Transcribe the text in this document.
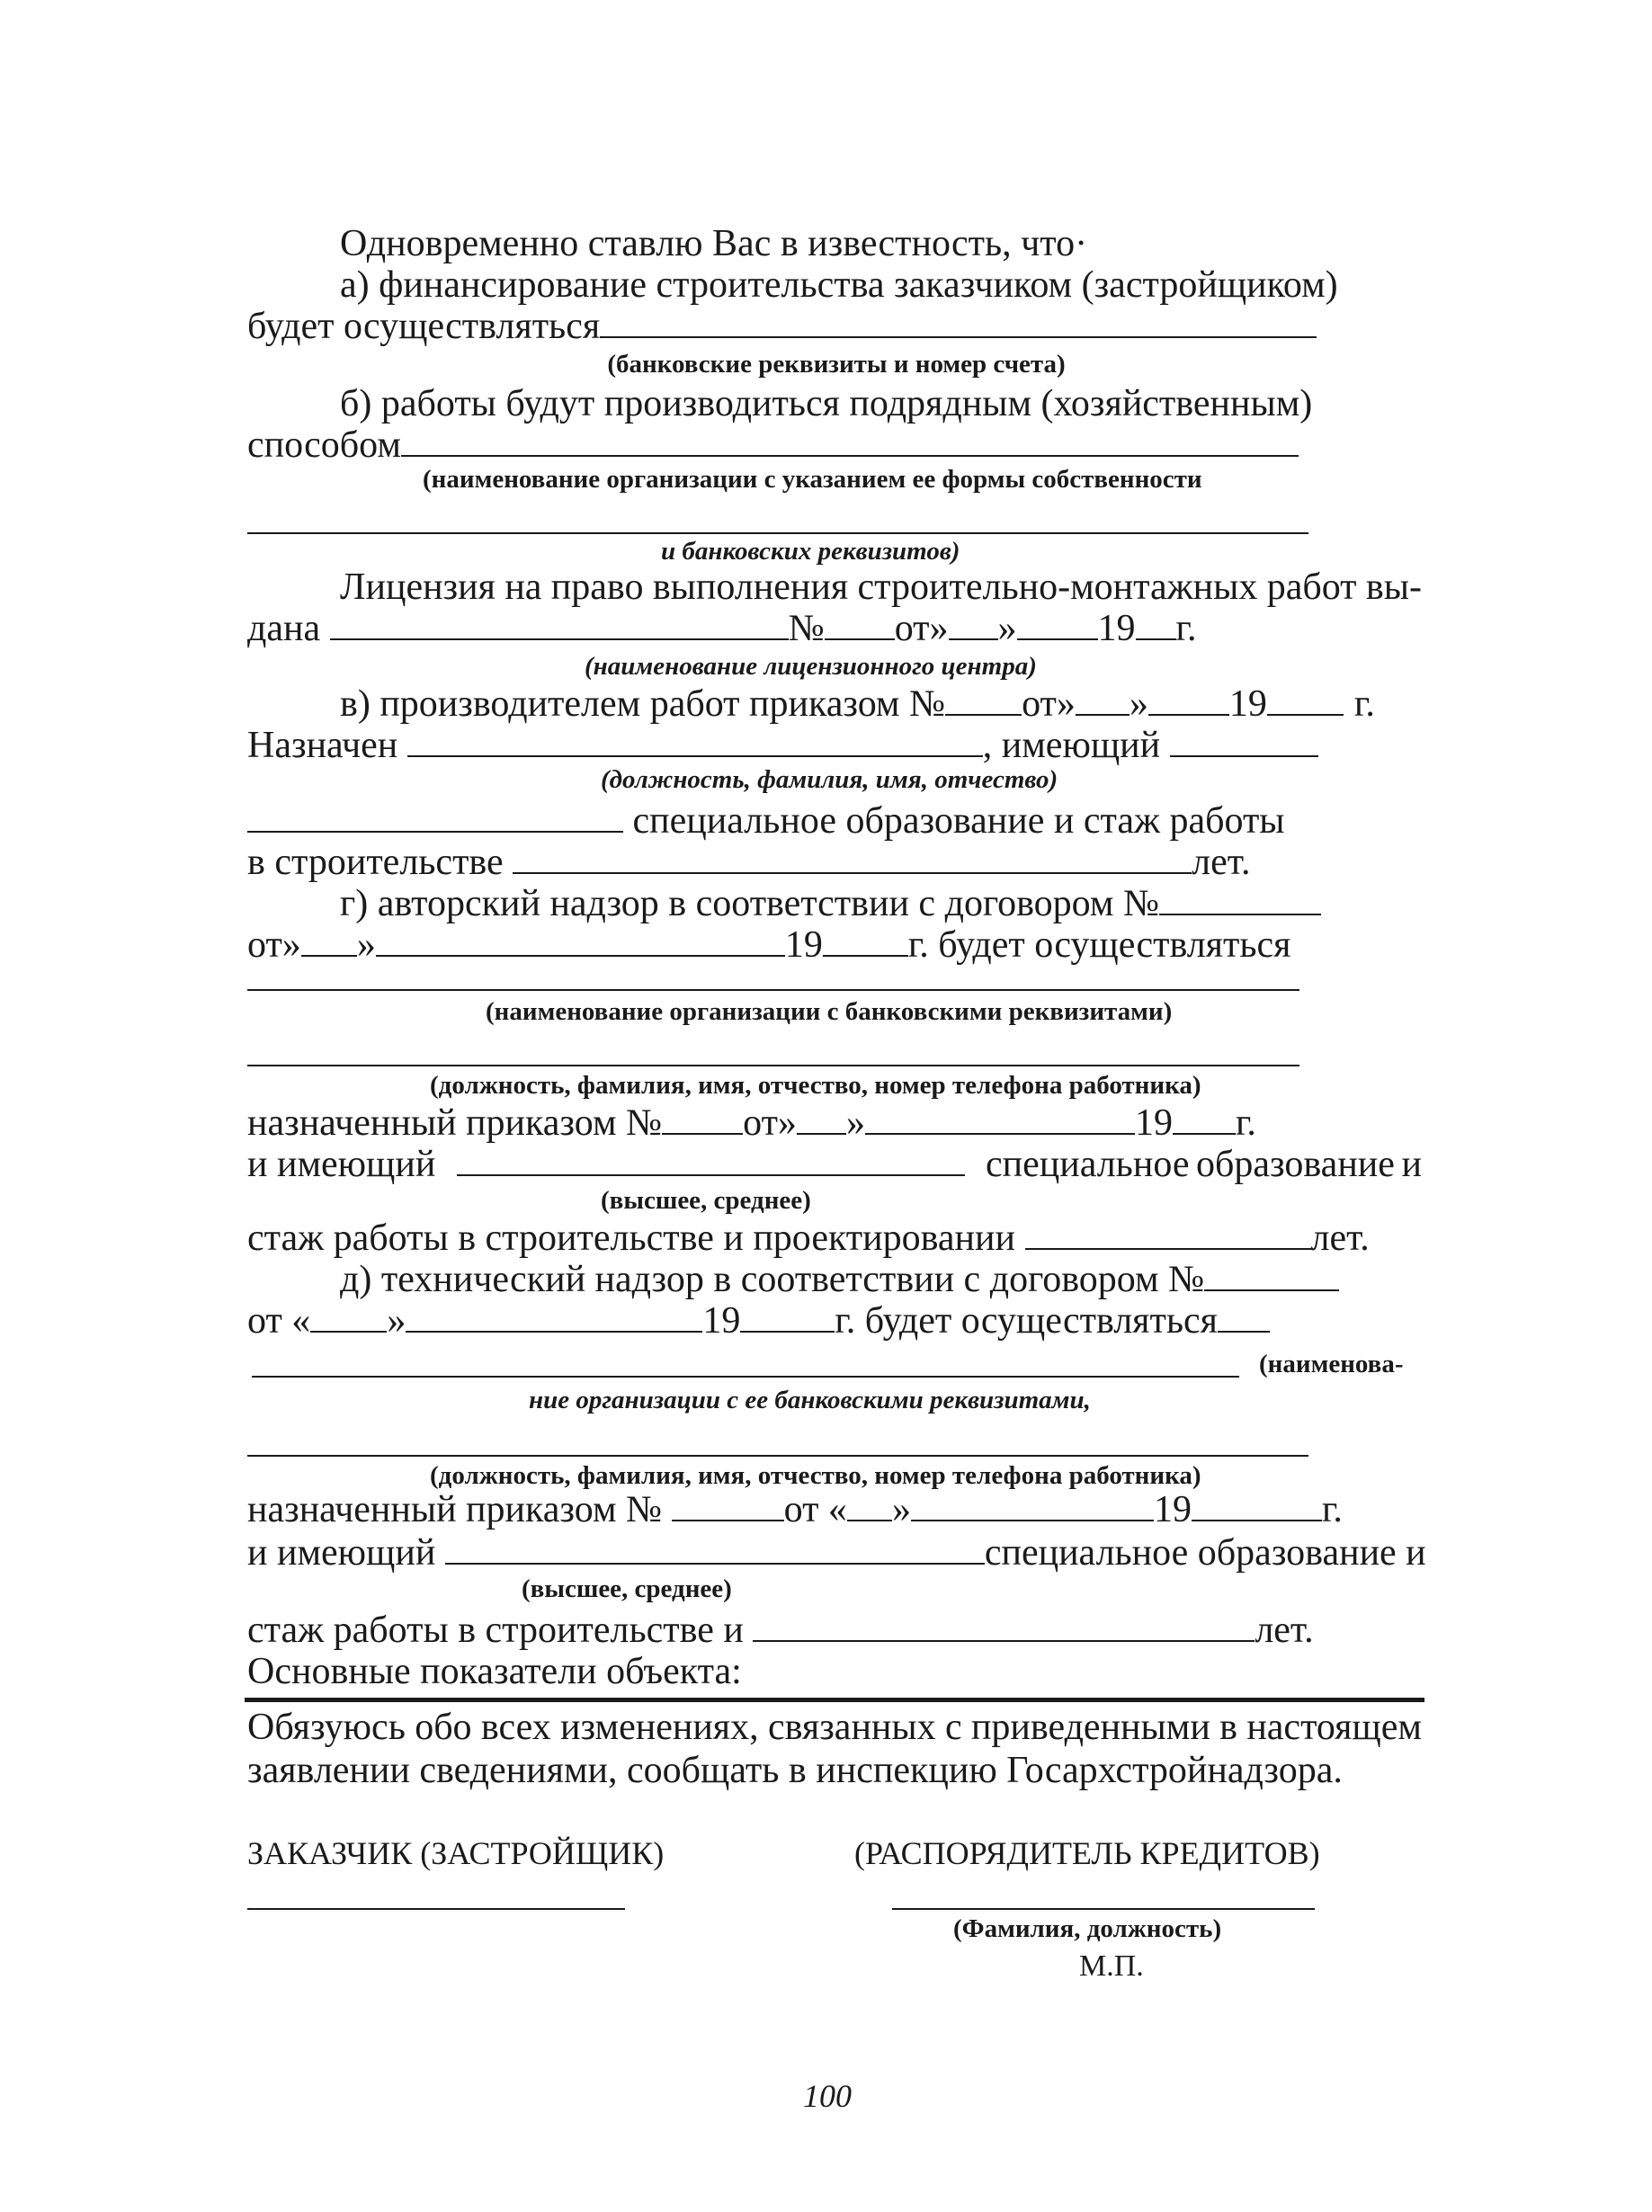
Одновременно ставлю Вас в известность, что·
а) финансирование строительства заказчиком (застройщиком)
будет осуществляться
(банковские реквизиты и номер счета)
б) работы будут производиться подрядным (хозяйственным)
способом
(наименование организации с указанием ее формы собственности
и банковских реквизитов)
Лицензия на право выполнения строительно-монтажных работ вы-
дана	№ от» » 19 г.
(наименование лицензионного центра)
в) производителем работ приказом № от» » 19 г.
Назначен	, имеющий
(должность, фамилия, имя, отчество)
специальное образование и стаж работы
в строительстве	лет.
г) авторский надзор в соответствии с договором №
от» »	19 г. будет осуществляться
(наименование организации с банковскими реквизитами)
(должность, фамилия, имя, отчество, номер телефона работника)
назначенный приказом № от» »	19 г.
и имеющий	специальное образование и
(высшее, среднее)
стаж работы в строительстве и проектировании	лет.
д) технический надзор в соответствии с договором №
от « »	19	г. будет осуществляться
(наименова-
ние организации с ее банковскими реквизитами,
(должность, фамилия, имя, отчество, номер телефона работника)
назначенный приказом №	от « »	19	г.
и имеющий	специальное образование и
(высшее, среднее)
стаж работы в строительстве и	лет.
Основные показатели объекта:
Обязуюсь обо всех изменениях, связанных с приведенными в настоящем
заявлении сведениями, сообщать в инспекцию Госархстройнадзора.
ЗАКАЗЧИК (ЗАСТРОЙЩИК)	(РАСПОРЯДИТЕЛЬ КРЕДИТОВ)
(Фамилия, должность)
М.П.
100
